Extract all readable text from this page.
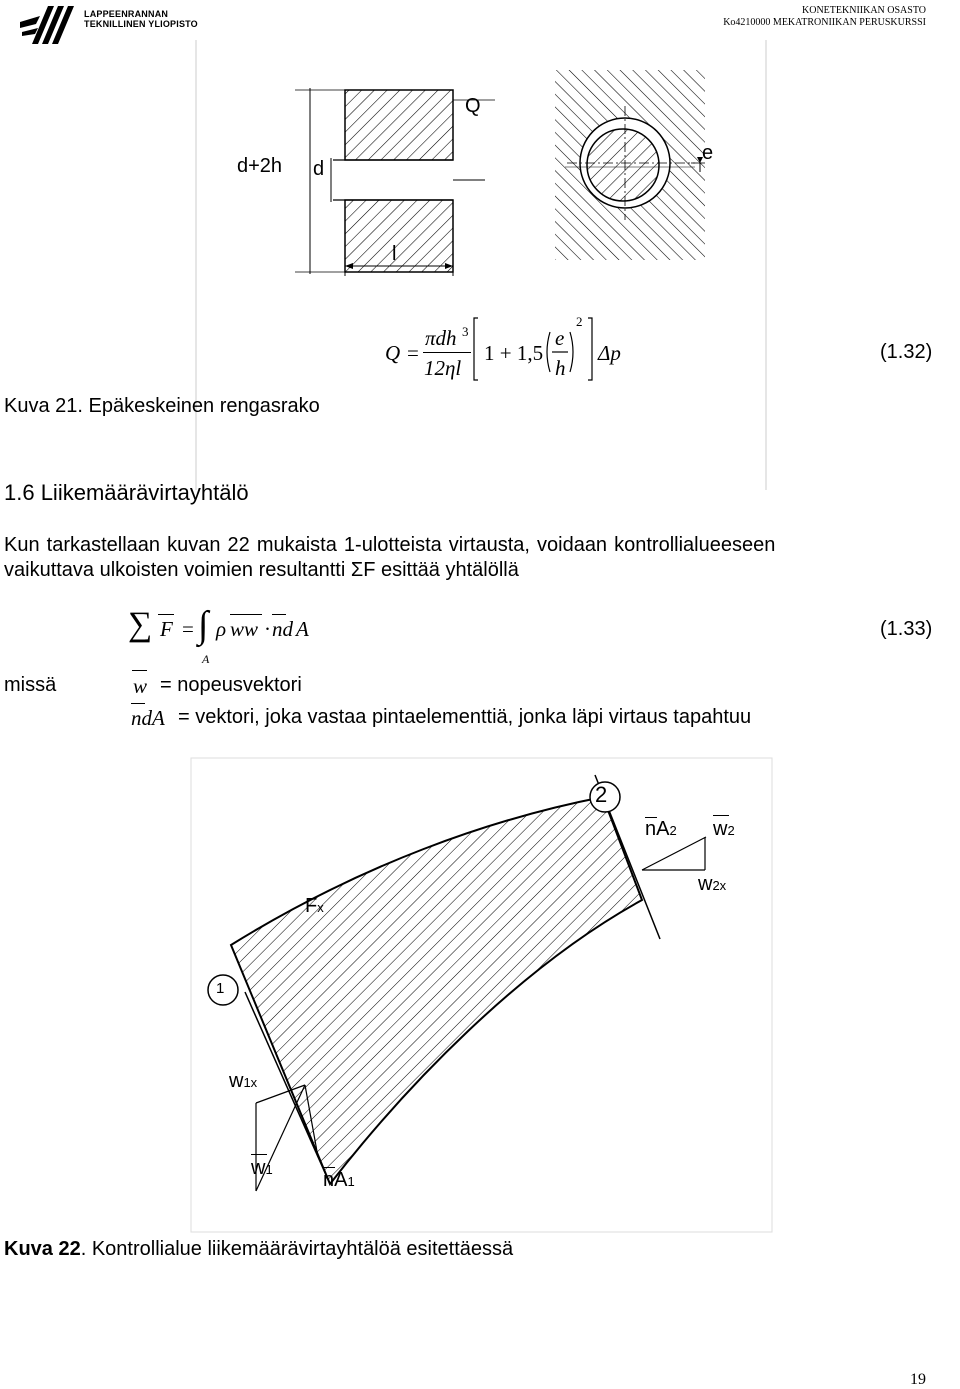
LAPPEENRANNAN
TEKNILLINEN YLIOPISTO
KONETEKNIIKAN OSASTO
Ko4210000 MEKATRONIIKAN PERUSKURSSI
Q
d+2h d
l
e
Q =
πdh 3
12ηl
1 + 1,5
e
h
2
Δp	(1.32)
Kuva 21. Epäkeskeinen rengasrako
1.6 Liikemäärävirtayhtälö
Kun tarkastellaan kuvan 22 mukaista 1-ulotteista virtausta, voidaan kontrollialueeseen
vaikuttava ulkoisten voimien resultantti ΣF esittää yhtälöllä
∑ F = ∫
A
ρ ww · nd A	(1.33)
missä	w = nopeusvektori
ndA = vektori, joka vastaa pintaelementtiä, jonka läpi virtaus tapahtuu
2
1
nA2 w2
w2x
Fx
w1x
w1	nA1
Kuva 22. Kontrollialue liikemäärävirtayhtälöä esitettäessä
19
